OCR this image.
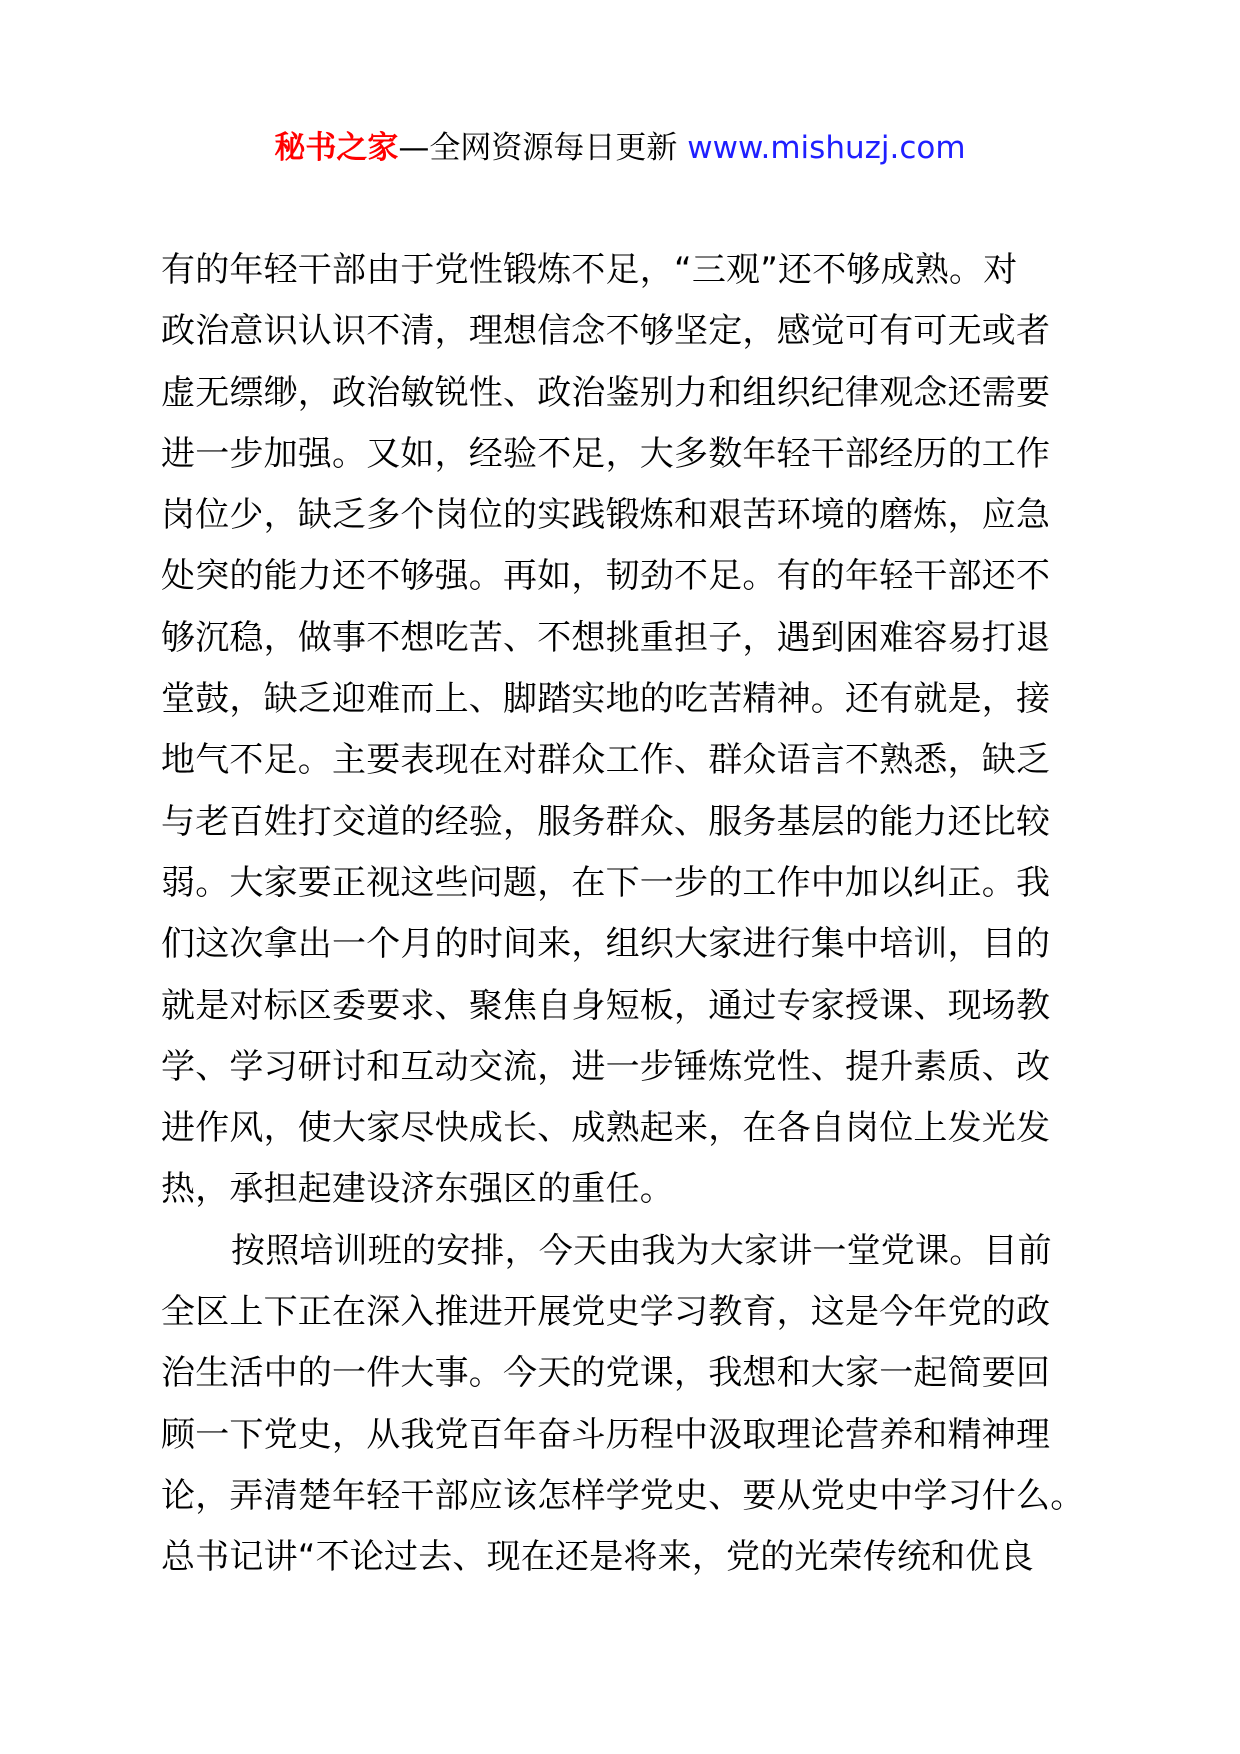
秘书之家—全网资源每日更新 www.mishuzj.com
有的年轻干部由于党性锻炼不足，“三观”还不够成熟。对
政治意识认识不清，理想信念不够坚定，感觉可有可无或者
虚无缥缈，政治敏锐性、政治鉴别力和组织纪律观念还需要
进一步加强。又如，经验不足，大多数年轻干部经历的工作
岗位少，缺乏多个岗位的实践锻炼和艰苦环境的磨炼，应急
处突的能力还不够强。再如，韧劲不足。有的年轻干部还不
够沉稳，做事不想吃苦、不想挑重担子，遇到困难容易打退
堂鼓，缺乏迎难而上、脚踏实地的吃苦精神。还有就是，接
地气不足。主要表现在对群众工作、群众语言不熟悉，缺乏
与老百姓打交道的经验，服务群众、服务基层的能力还比较
弱。大家要正视这些问题，在下一步的工作中加以纠正。我
们这次拿出一个月的时间来，组织大家进行集中培训，目的
就是对标区委要求、聚焦自身短板，通过专家授课、现场教
学、学习研讨和互动交流，进一步锤炼党性、提升素质、改
进作风，使大家尽快成长、成熟起来，在各自岗位上发光发
热，承担起建设济东强区的重任。
按照培训班的安排，今天由我为大家讲一堂党课。目前
全区上下正在深入推进开展党史学习教育，这是今年党的政
治生活中的一件大事。今天的党课，我想和大家一起简要回
顾一下党史，从我党百年奋斗历程中汲取理论营养和精神理
论，弄清楚年轻干部应该怎样学党史、要从党史中学习什么。
总书记讲“不论过去、现在还是将来，党的光荣传统和优良
